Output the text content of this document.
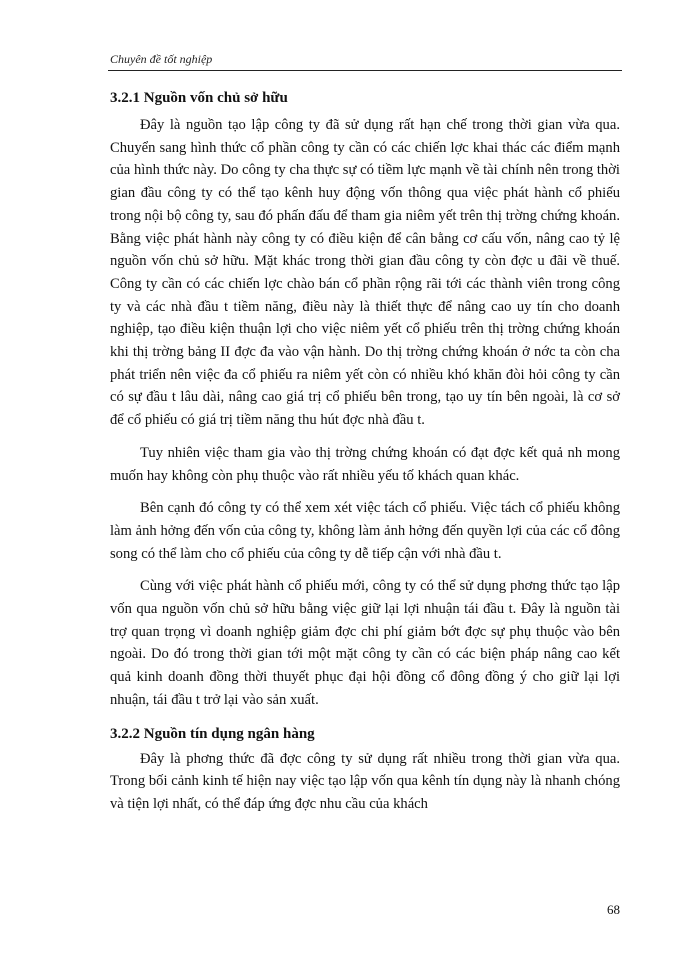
Chuyên đề tốt nghiệp
3.2.1 Nguồn vốn chủ sở hữu

Đây là nguồn tạo lập công ty đã sử dụng rất hạn chế trong thời gian vừa qua. Chuyển sang hình thức cổ phần công ty cần có các chiến lợc khai thác các điểm mạnh của hình thức này. Do công ty cha thực sự có tiềm lực mạnh về tài chính nên trong thời gian đầu công ty có thể tạo kênh huy động vốn thông qua việc phát hành cổ phiếu trong nội bộ công ty, sau đó phấn đấu để tham gia niêm yết trên thị trờng chứng khoán. Bằng việc phát hành này công ty có điều kiện để cân bằng cơ cấu vốn, nâng cao tỷ lệ nguồn vốn chủ sở hữu. Mặt khác trong thời gian đầu công ty còn đợc u đãi về thuế. Công ty cần có các chiến lợc chào bán cổ phần rộng rãi tới các thành viên trong công ty và các nhà đầu t tiềm năng, điều này là thiết thực để nâng cao uy tín cho doanh nghiệp, tạo điều kiện thuận lợi cho việc niêm yết cổ phiếu trên thị trờng chứng khoán khi thị trờng bảng II đợc đa vào vận hành. Do thị trờng chứng khoán ở nớc ta còn cha phát triển nên việc đa cổ phiếu ra niêm yết còn có nhiều khó khăn đòi hỏi công ty cần có sự đầu t lâu dài, nâng cao giá trị cổ phiếu bên trong, tạo uy tín bên ngoài, là cơ sở để cổ phiếu có giá trị tiềm năng thu hút đợc nhà đầu t.

Tuy nhiên việc tham gia vào thị trờng chứng khoán có đạt đợc kết quả nh mong muốn hay không còn phụ thuộc vào rất nhiều yếu tố khách quan khác.

Bên cạnh đó công ty có thể xem xét việc tách cổ phiếu. Việc tách cổ phiếu không làm ảnh hởng đến vốn của công ty, không làm ảnh hởng đến quyền lợi của các cổ đông song có thể làm cho cổ phiếu của công ty dễ tiếp cận với nhà đầu t.

Cùng với việc phát hành cổ phiếu mới, công ty có thể sử dụng phơng thức tạo lập vốn qua nguồn vốn chủ sở hữu bằng việc giữ lại lợi nhuận tái đầu t. Đây là nguồn tài trợ quan trọng vì doanh nghiệp giảm đợc chi phí giảm bớt đợc sự phụ thuộc vào bên ngoài. Do đó trong thời gian tới một mặt công ty cần có các biện pháp nâng cao kết quả kinh doanh đồng thời thuyết phục đại hội đồng cổ đông đồng ý cho giữ lại lợi nhuận, tái đầu t trở lại vào sản xuất.

3.2.2 Nguồn tín dụng ngân hàng

Đây là phơng thức đã đợc công ty sử dụng rất nhiều trong thời gian vừa qua. Trong bối cảnh kinh tế hiện nay việc tạo lập vốn qua kênh tín dụng này là nhanh chóng và tiện lợi nhất, có thể đáp ứng đợc nhu cầu của khách

68
